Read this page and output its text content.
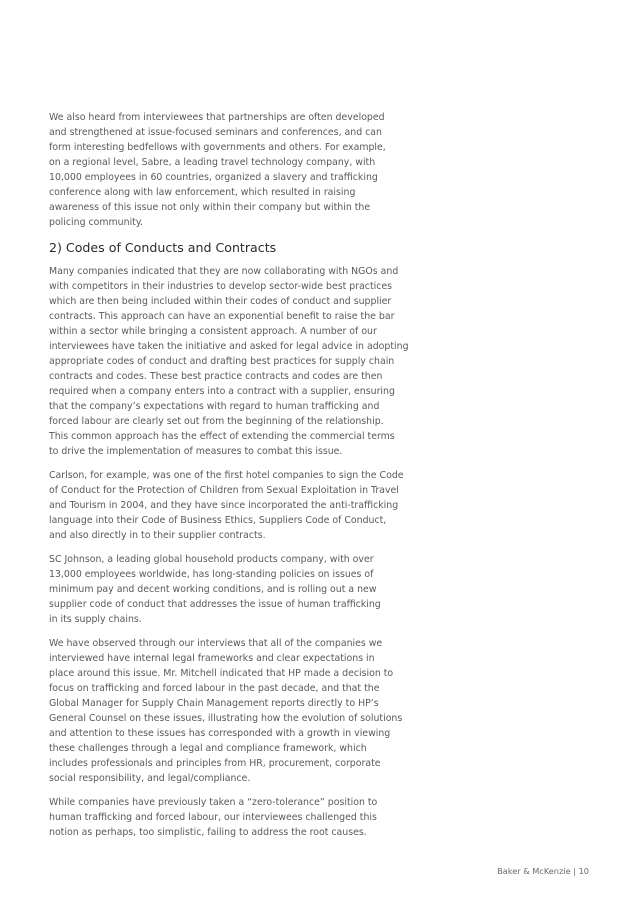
We also heard from interviewees that partnerships are often developed
and strengthened at issue-focused seminars and conferences, and can
form interesting bedfellows with governments and others. For example,
on a regional level, Sabre, a leading travel technology company, with
10,000 employees in 60 countries, organized a slavery and trafficking
conference along with law enforcement, which resulted in raising
awareness of this issue not only within their company but within the
policing community.

2) Codes of Conducts and Contracts

Many companies indicated that they are now collaborating with NGOs and
with competitors in their industries to develop sector-wide best practices
which are then being included within their codes of conduct and supplier
contracts. This approach can have an exponential benefit to raise the bar
within a sector while bringing a consistent approach. A number of our
interviewees have taken the initiative and asked for legal advice in adopting
appropriate codes of conduct and drafting best practices for supply chain
contracts and codes. These best practice contracts and codes are then
required when a company enters into a contract with a supplier, ensuring
that the company’s expectations with regard to human trafficking and
forced labour are clearly set out from the beginning of the relationship.
This common approach has the effect of extending the commercial terms
to drive the implementation of measures to combat this issue.

Carlson, for example, was one of the first hotel companies to sign the Code
of Conduct for the Protection of Children from Sexual Exploitation in Travel
and Tourism in 2004, and they have since incorporated the anti-trafficking
language into their Code of Business Ethics, Suppliers Code of Conduct,
and also directly in to their supplier contracts.

SC Johnson, a leading global household products company, with over
13,000 employees worldwide, has long-standing policies on issues of
minimum pay and decent working conditions, and is rolling out a new
supplier code of conduct that addresses the issue of human trafficking
in its supply chains.

We have observed through our interviews that all of the companies we
interviewed have internal legal frameworks and clear expectations in
place around this issue. Mr. Mitchell indicated that HP made a decision to
focus on trafficking and forced labour in the past decade, and that the
Global Manager for Supply Chain Management reports directly to HP’s
General Counsel on these issues, illustrating how the evolution of solutions
and attention to these issues has corresponded with a growth in viewing
these challenges through a legal and compliance framework, which
includes professionals and principles from HR, procurement, corporate
social responsibility, and legal/compliance.

While companies have previously taken a “zero-tolerance” position to
human trafficking and forced labour, our interviewees challenged this
notion as perhaps, too simplistic, failing to address the root causes.

Baker & McKenzie | 10
